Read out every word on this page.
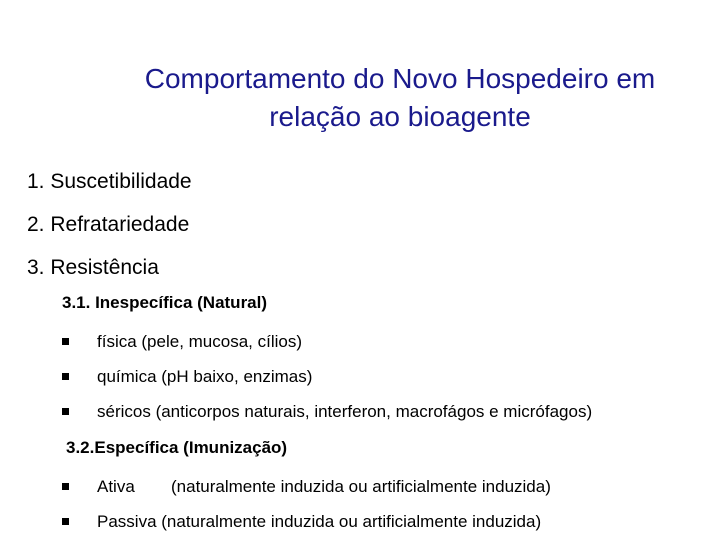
Comportamento do Novo Hospedeiro em
relação ao bioagente
1. Suscetibilidade
2. Refratariedade
3. Resistência
3.1. Inespecífica (Natural)
física (pele, mucosa, cílios)
química (pH baixo, enzimas)
séricos (anticorpos naturais, interferon, macrofágos e micrófagos)
3.2.Específica (Imunização)
Ativa (naturalmente induzida ou artificialmente induzida)
Passiva (naturalmente induzida ou artificialmente induzida)
